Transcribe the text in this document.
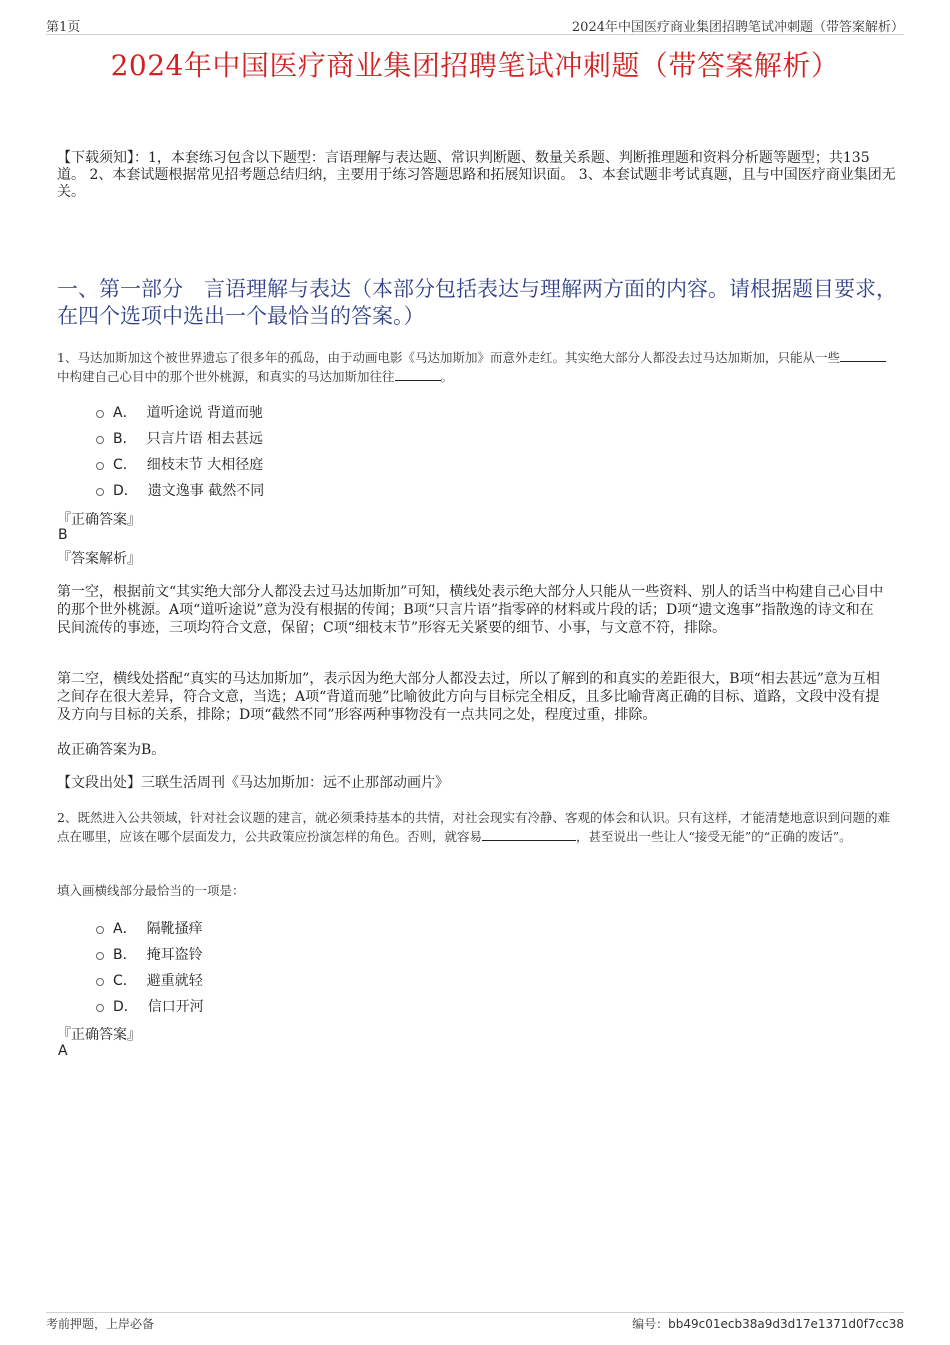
第1页	2024年中国医疗商业集团招聘笔试冲刺题（带答案解析）
2024年中国医疗商业集团招聘笔试冲刺题（带答案解析）
【下载须知】：1，本套练习包含以下题型：言语理解与表达题、常识判断题、数量关系题、判断推理题和资料分析题等题型；共135道。 2、本套试题根据常见招考题总结归纳，主要用于练习答题思路和拓展知识面。 3、本套试题非考试真题，且与中国医疗商业集团无关。
一、第一部分　言语理解与表达（本部分包括表达与理解两方面的内容。请根据题目要求，在四个选项中选出一个最恰当的答案。）
1、马达加斯加这个被世界遗忘了很多年的孤岛，由于动画电影《马达加斯加》而意外走红。其实绝大部分人都没去过马达加斯加，只能从一些中构建自己心目中的那个世外桃源，和真实的马达加斯加往往	。
A． 道听途说 背道而驰
B． 只言片语 相去甚远
C． 细枝末节 大相径庭
D． 遗文逸事 截然不同
『正确答案』
B
『答案解析』
第一空，根据前文“其实绝大部分人都没去过马达加斯加”可知，横线处表示绝大部分人只能从一些资料、别人的话当中构建自己心目中的那个世外桃源。A项“道听途说”意为没有根据的传闻；B项“只言片语”指零碎的材料或片段的话；D项“遗文逸事”指散逸的诗文和在民间流传的事迹，三项均符合文意，保留；C项“细枝末节”形容无关紧要的细节、小事，与文意不符，排除。
第二空，横线处搭配“真实的马达加斯加”，表示因为绝大部分人都没去过，所以了解到的和真实的差距很大，B项“相去甚远”意为互相之间存在很大差异，符合文意，当选；A项“背道而驰”比喻彼此方向与目标完全相反，且多比喻背离正确的目标、道路，文段中没有提及方向与目标的关系，排除；D项“截然不同”形容两种事物没有一点共同之处，程度过重，排除。
故正确答案为B。
【文段出处】三联生活周刊《马达加斯加：远不止那部动画片》
2、既然进入公共领域，针对社会议题的建言，就必须秉持基本的共情，对社会现实有冷静、客观的体会和认识。只有这样，才能清楚地意识到问题的难点在哪里，应该在哪个层面发力，公共政策应扮演怎样的角色。否则，就容易	，甚至说出一些让人“接受无能”的“正确的废话”。
填入画横线部分最恰当的一项是：
A． 隔靴搔痒
B． 掩耳盗铃
C． 避重就轻
D． 信口开河
『正确答案』
A
考前押题，上岸必备	编号：bb49c01ecb38a9d3d17e1371d0f7cc38
